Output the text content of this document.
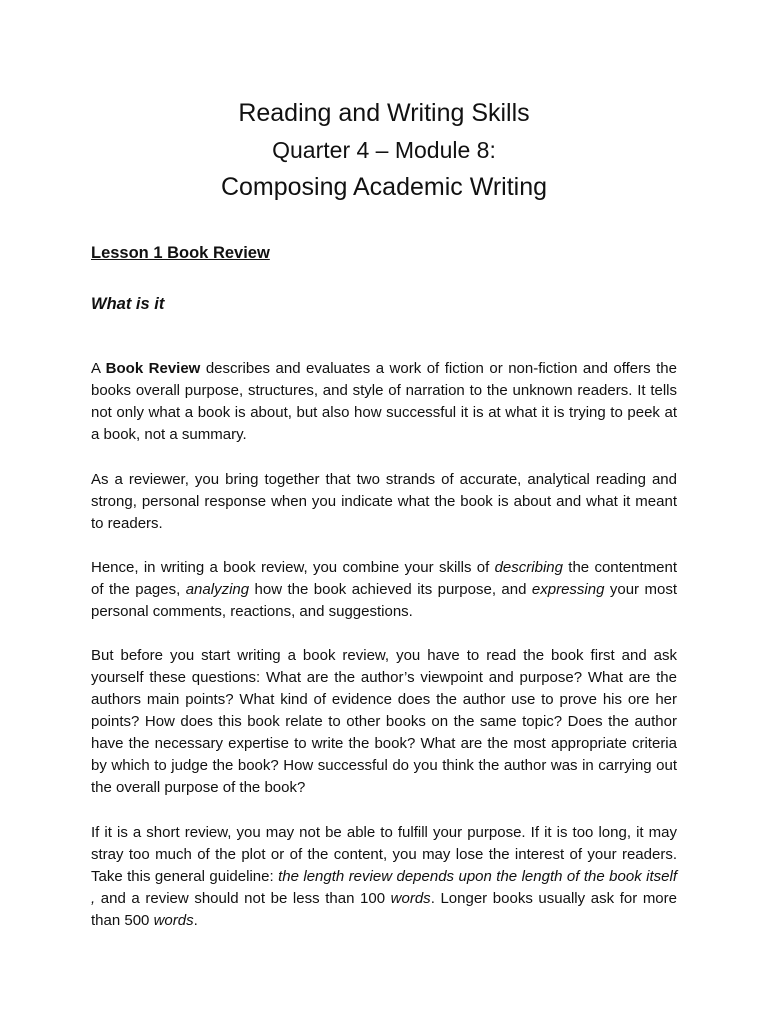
Reading and Writing Skills
Quarter 4 – Module 8:
Composing Academic Writing
Lesson 1 Book Review
What is it

A Book Review describes and evaluates a work of fiction or non-fiction and offers the books overall purpose, structures, and style of narration to the unknown readers. It tells not only what a book is about, but also how successful it is at what it is trying to peek at a book, not a summary.

As a reviewer, you bring together that two strands of accurate, analytical reading and strong, personal response when you indicate what the book is about and what it meant to readers.

Hence, in writing a book review, you combine your skills of describing the contentment of the pages, analyzing how the book achieved its purpose, and expressing your most personal comments, reactions, and suggestions.

But before you start writing a book review, you have to read the book first and ask yourself these questions: What are the author’s viewpoint and purpose? What are the authors main points? What kind of evidence does the author use to prove his ore her points? How does this book relate to other books on the same topic? Does the author have the necessary expertise to write the book? What are the most appropriate criteria by which to judge the book? How successful do you think the author was in carrying out the overall purpose of the book?

If it is a short review, you may not be able to fulfill your purpose. If it is too long, it may stray too much of the plot or of the content, you may lose the interest of your readers. Take this general guideline: the length review depends upon the length of the book itself , and a review should not be less than 100 words. Longer books usually ask for more than 500 words.
